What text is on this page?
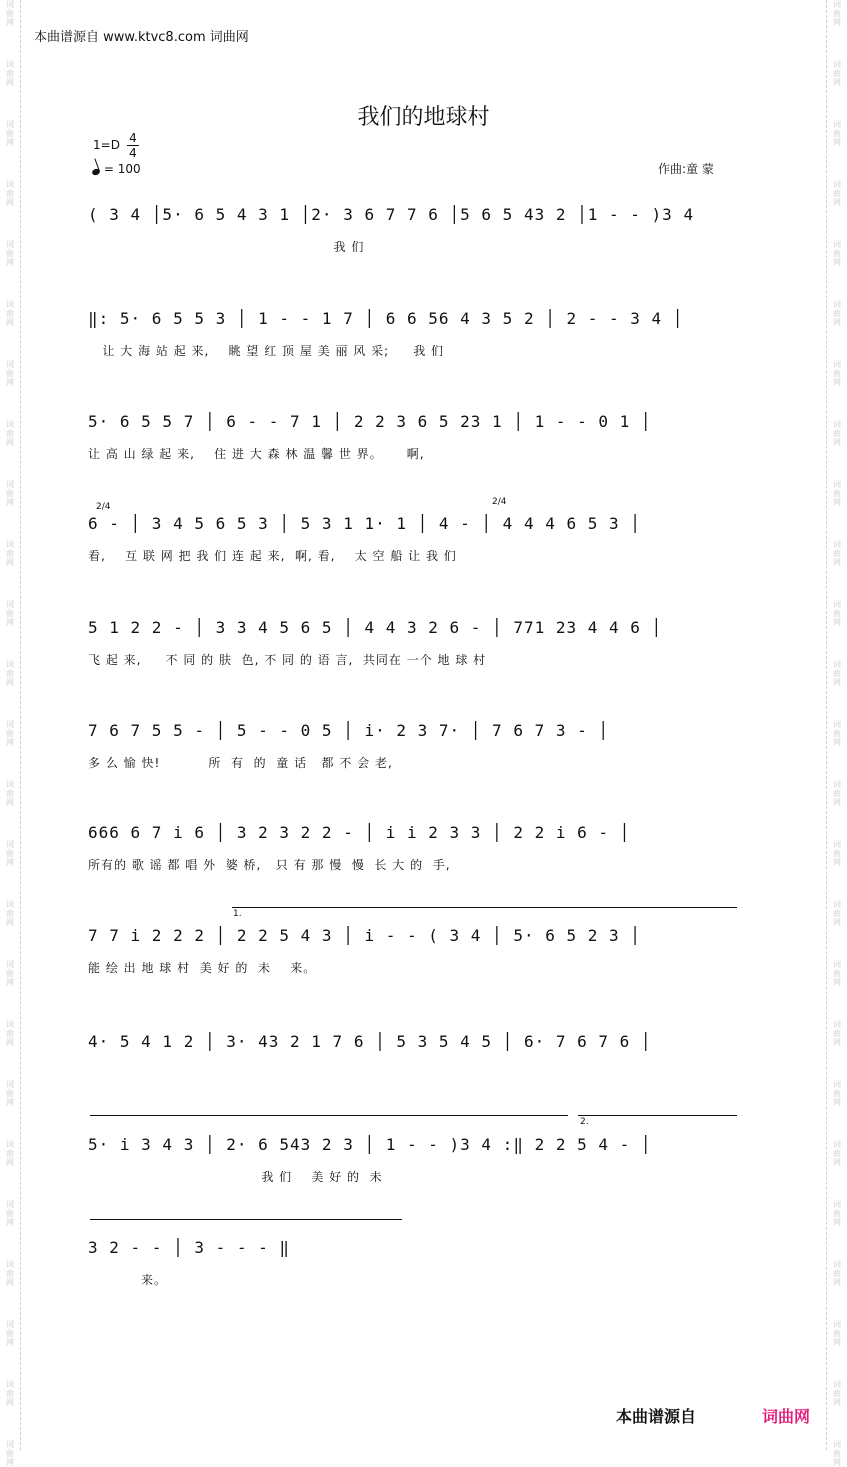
本曲谱源自 www.ktvc8.com 词曲网
我们的地球村
$1=D \frac{4}{4}$
= 100	作曲:童 蒙
( 3 4 │5· 6 5 4 3 1 │2· 3 6 7 7 6 │5 6 5 43 2 │1 - - )3 4
我 们
‖: 5· 6 5 5 3 │ 1 - - 1 7 │ 6 6 56 4 3 5 2 │ 2 - - 3 4 │
让 大 海 站 起 来,    眺 望 红 顶 屋 美 丽 风 采;     我 们
5· 6 5 5 7 │ 6 - - 7 1 │ 2 2 3 6 5 23 1 │ 1 - - 0 1 │
让 高 山 绿 起 来,    住 进 大 森 林 温 馨 世 界。     啊,
2/4	2/4
6 - │ 3 4 5 6 5 3 │ 5 3 1 1· 1 │ 4 - │ 4 4 4 6 5 3 │
看,    互 联 网 把 我 们 连 起 来,  啊, 看,    太 空 船 让 我 们
5 1 2 2 - │ 3 3 4 5 6 5 │ 4 4 3 2 6 - │ 771 23 4 4 6 │
飞 起 来,     不 同 的 肤  色, 不 同 的 语 言,  共同在 一个 地 球 村
7 6 7 5 5 - │ 5 - - 0 5 │ i· 2 3 7· │ 7 6 7 3 - │
多 么 愉 快!          所  有  的  童 话   都 不 会 老,
666 6 7 i 6 │ 3 2 3 2 2 - │ i i 2 3 3 │ 2 2 i 6 - │
所有的 歌 谣 都 唱 外  婆 桥,   只 有 那 慢  慢  长 大 的  手,
1.
7 7 i 2 2 2 │ 2 2 5 4 3 │ i - - ( 3 4 │ 5· 6 5 2 3 │
能 绘 出 地 球 村  美 好 的  未    来。
4· 5 4 1 2 │ 3· 43 2 1 7 6 │ 5 3 5 4 5 │ 6· 7 6 7 6 │
2.
5· i 3 4 3 │ 2· 6 543 2 3 │ 1 - - )3 4 :‖ 2 2 5 4 - │
我 们    美 好 的  未
3 2 - - │ 3 - - - ‖
来。
本曲谱源自	词曲网
词
曲
网
词
曲
网
词
曲
网
词
曲
网
词
曲
网
词
曲
网
词
曲
网
词
曲
网
词
曲
网
词
曲
网
词
曲
网
词
曲
网
词
曲
网
词
曲
网
词
曲
网
词
曲
网
词
曲
网
词
曲
网
词
曲
网
词
曲
网
词
曲
网
词
曲
网
词
曲
网
词
曲
网
词
曲
网
词
曲
网
词
曲
网
词
曲
网
词
曲
网
词
曲
网
词
曲
网
词
曲
网
词
曲
网
词
曲
网
词
曲
网
词
曲
网
词
曲
网
词
曲
网
词
曲
网
词
曲
网
词
曲
网
词
曲
网
词
曲
网
词
曲
网
词
曲
网
词
曲
网
词
曲
网
词
曲
网
词
曲
网
词
曲
网
